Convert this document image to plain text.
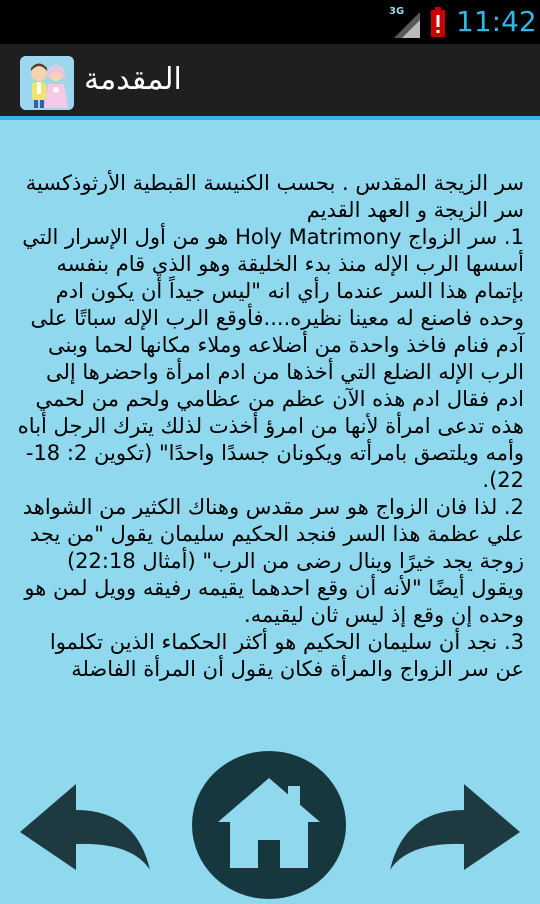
3G 11:42
المقدمة

سر الزيجة المقدس . بحسب الكنيسة القبطية الأرثوذكسية

سر الزيجة و العهد القديم

1. سر الزواج Holy Matrimony هو من أول الإسرار التي أسسها الرب الإله منذ بدء الخليقة وهو الذي قام بنفسه بإتمام هذا السر عندما رأي انه "ليس جيداً أن يكون ادم وحده فاصنع له معينا نظيره....فأوقع الرب الإله سباتًا على آدم فنام فاخذ واحدة من أضلاعه وملاء مكانها لحما وبنى الرب الإله الضلع التي أخذها من ادم امرأة واحضرها إلى ادم فقال ادم هذه الآن عظم من عظامي ولحم من لحمي هذه تدعى امرأة لأنها من امرؤ أخذت لذلك يترك الرجل أباه وأمه ويلتصق بامرأته ويكونان جسدًا واحدًا" (تكوين 2: 18-22).

2. لذا فان الزواج هو سر مقدس وهناك الكثير من الشواهد علي عظمة هذا السر فنجد الحكيم سليمان يقول "من يجد زوجة يجد خيرًا وينال رضى من الرب" (أمثال 22:18) ويقول أيضًا "لأنه أن وقع احدهما يقيمه رفيقه وويل لمن هو وحده إن وقع إذ ليس ثان ليقيمه.

3. نجد أن سليمان الحكيم هو أكثر الحكماء الذين تكلموا عن سر الزواج والمرأة فكان يقول أن المرأة الفاضلة
